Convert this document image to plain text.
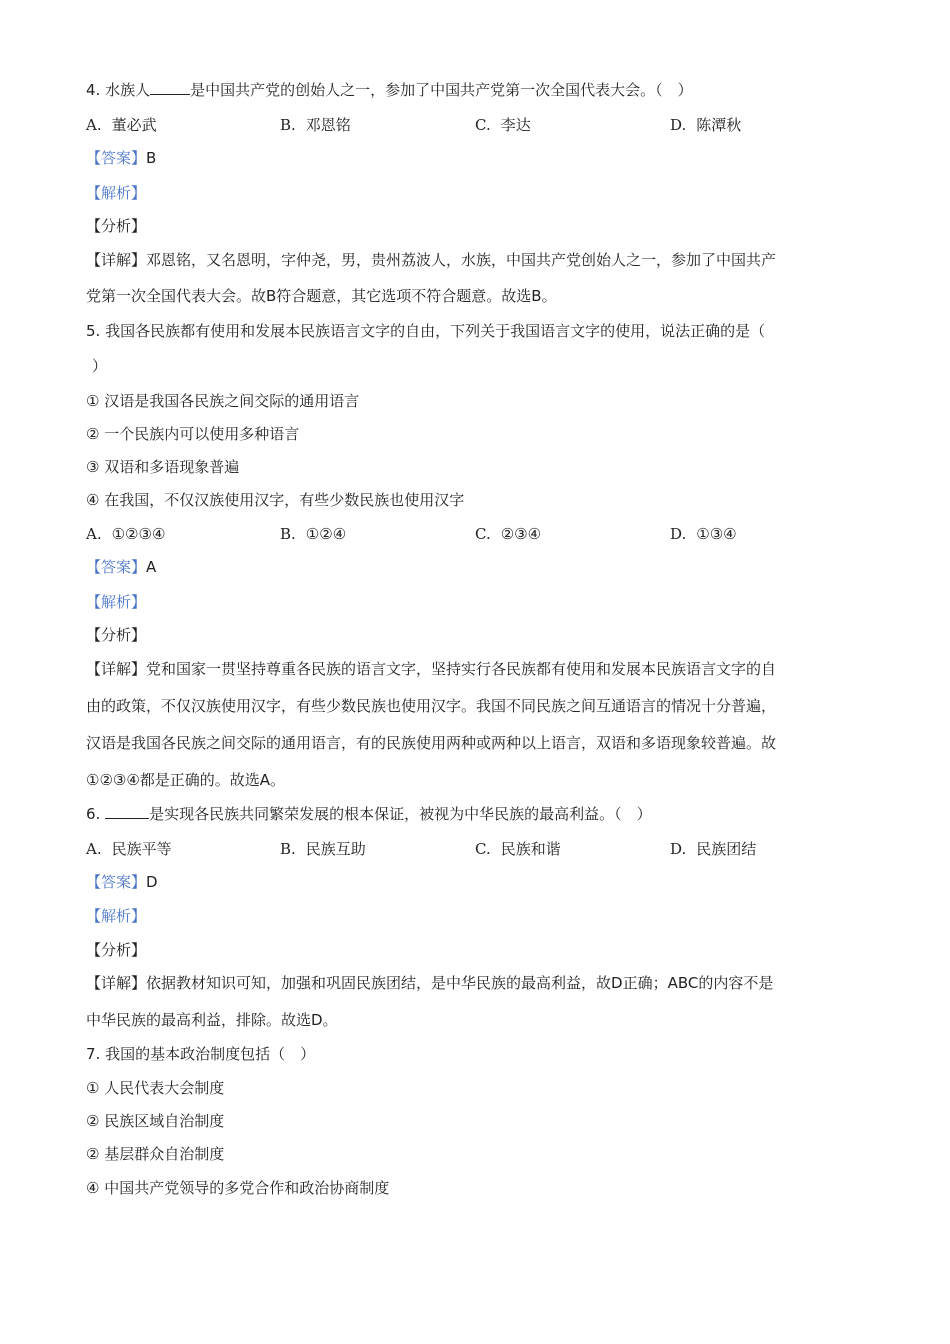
4. 水族人	是中国共产党的创始人之一，参加了中国共产党第一次全国代表大会。（　）
A. 董必武	B. 邓恩铭	C. 李达	D. 陈潭秋
【答案】B
【解析】
【分析】
【详解】邓恩铭，又名恩明，字仲尧，男，贵州荔波人，水族，中国共产党创始人之一，参加了中国共产
党第一次全国代表大会。故B符合题意，其它选项不符合题意。故选B。
5. 我国各民族都有使用和发展本民族语言文字的自由，下列关于我国语言文字的使用，说法正确的是（
）
① 汉语是我国各民族之间交际的通用语言
② 一个民族内可以使用多种语言
③ 双语和多语现象普遍
④ 在我国，不仅汉族使用汉字，有些少数民族也使用汉字
A. ①②③④	B. ①②④	C. ②③④	D. ①③④
【答案】A
【解析】
【分析】
【详解】党和国家一贯坚持尊重各民族的语言文字，坚持实行各民族都有使用和发展本民族语言文字的自
由的政策，不仅汉族使用汉字，有些少数民族也使用汉字。我国不同民族之间互通语言的情况十分普遍，
汉语是我国各民族之间交际的通用语言，有的民族使用两种或两种以上语言，双语和多语现象较普遍。故
①②③④都是正确的。故选A。
6.	是实现各民族共同繁荣发展的根本保证，被视为中华民族的最高利益。（　）
A. 民族平等	B. 民族互助	C. 民族和谐	D. 民族团结
【答案】D
【解析】
【分析】
【详解】依据教材知识可知，加强和巩固民族团结，是中华民族的最高利益，故D正确；ABC的内容不是
中华民族的最高利益，排除。故选D。
7. 我国的基本政治制度包括（　）
① 人民代表大会制度
② 民族区域自治制度
② 基层群众自治制度
④ 中国共产党领导的多党合作和政治协商制度
